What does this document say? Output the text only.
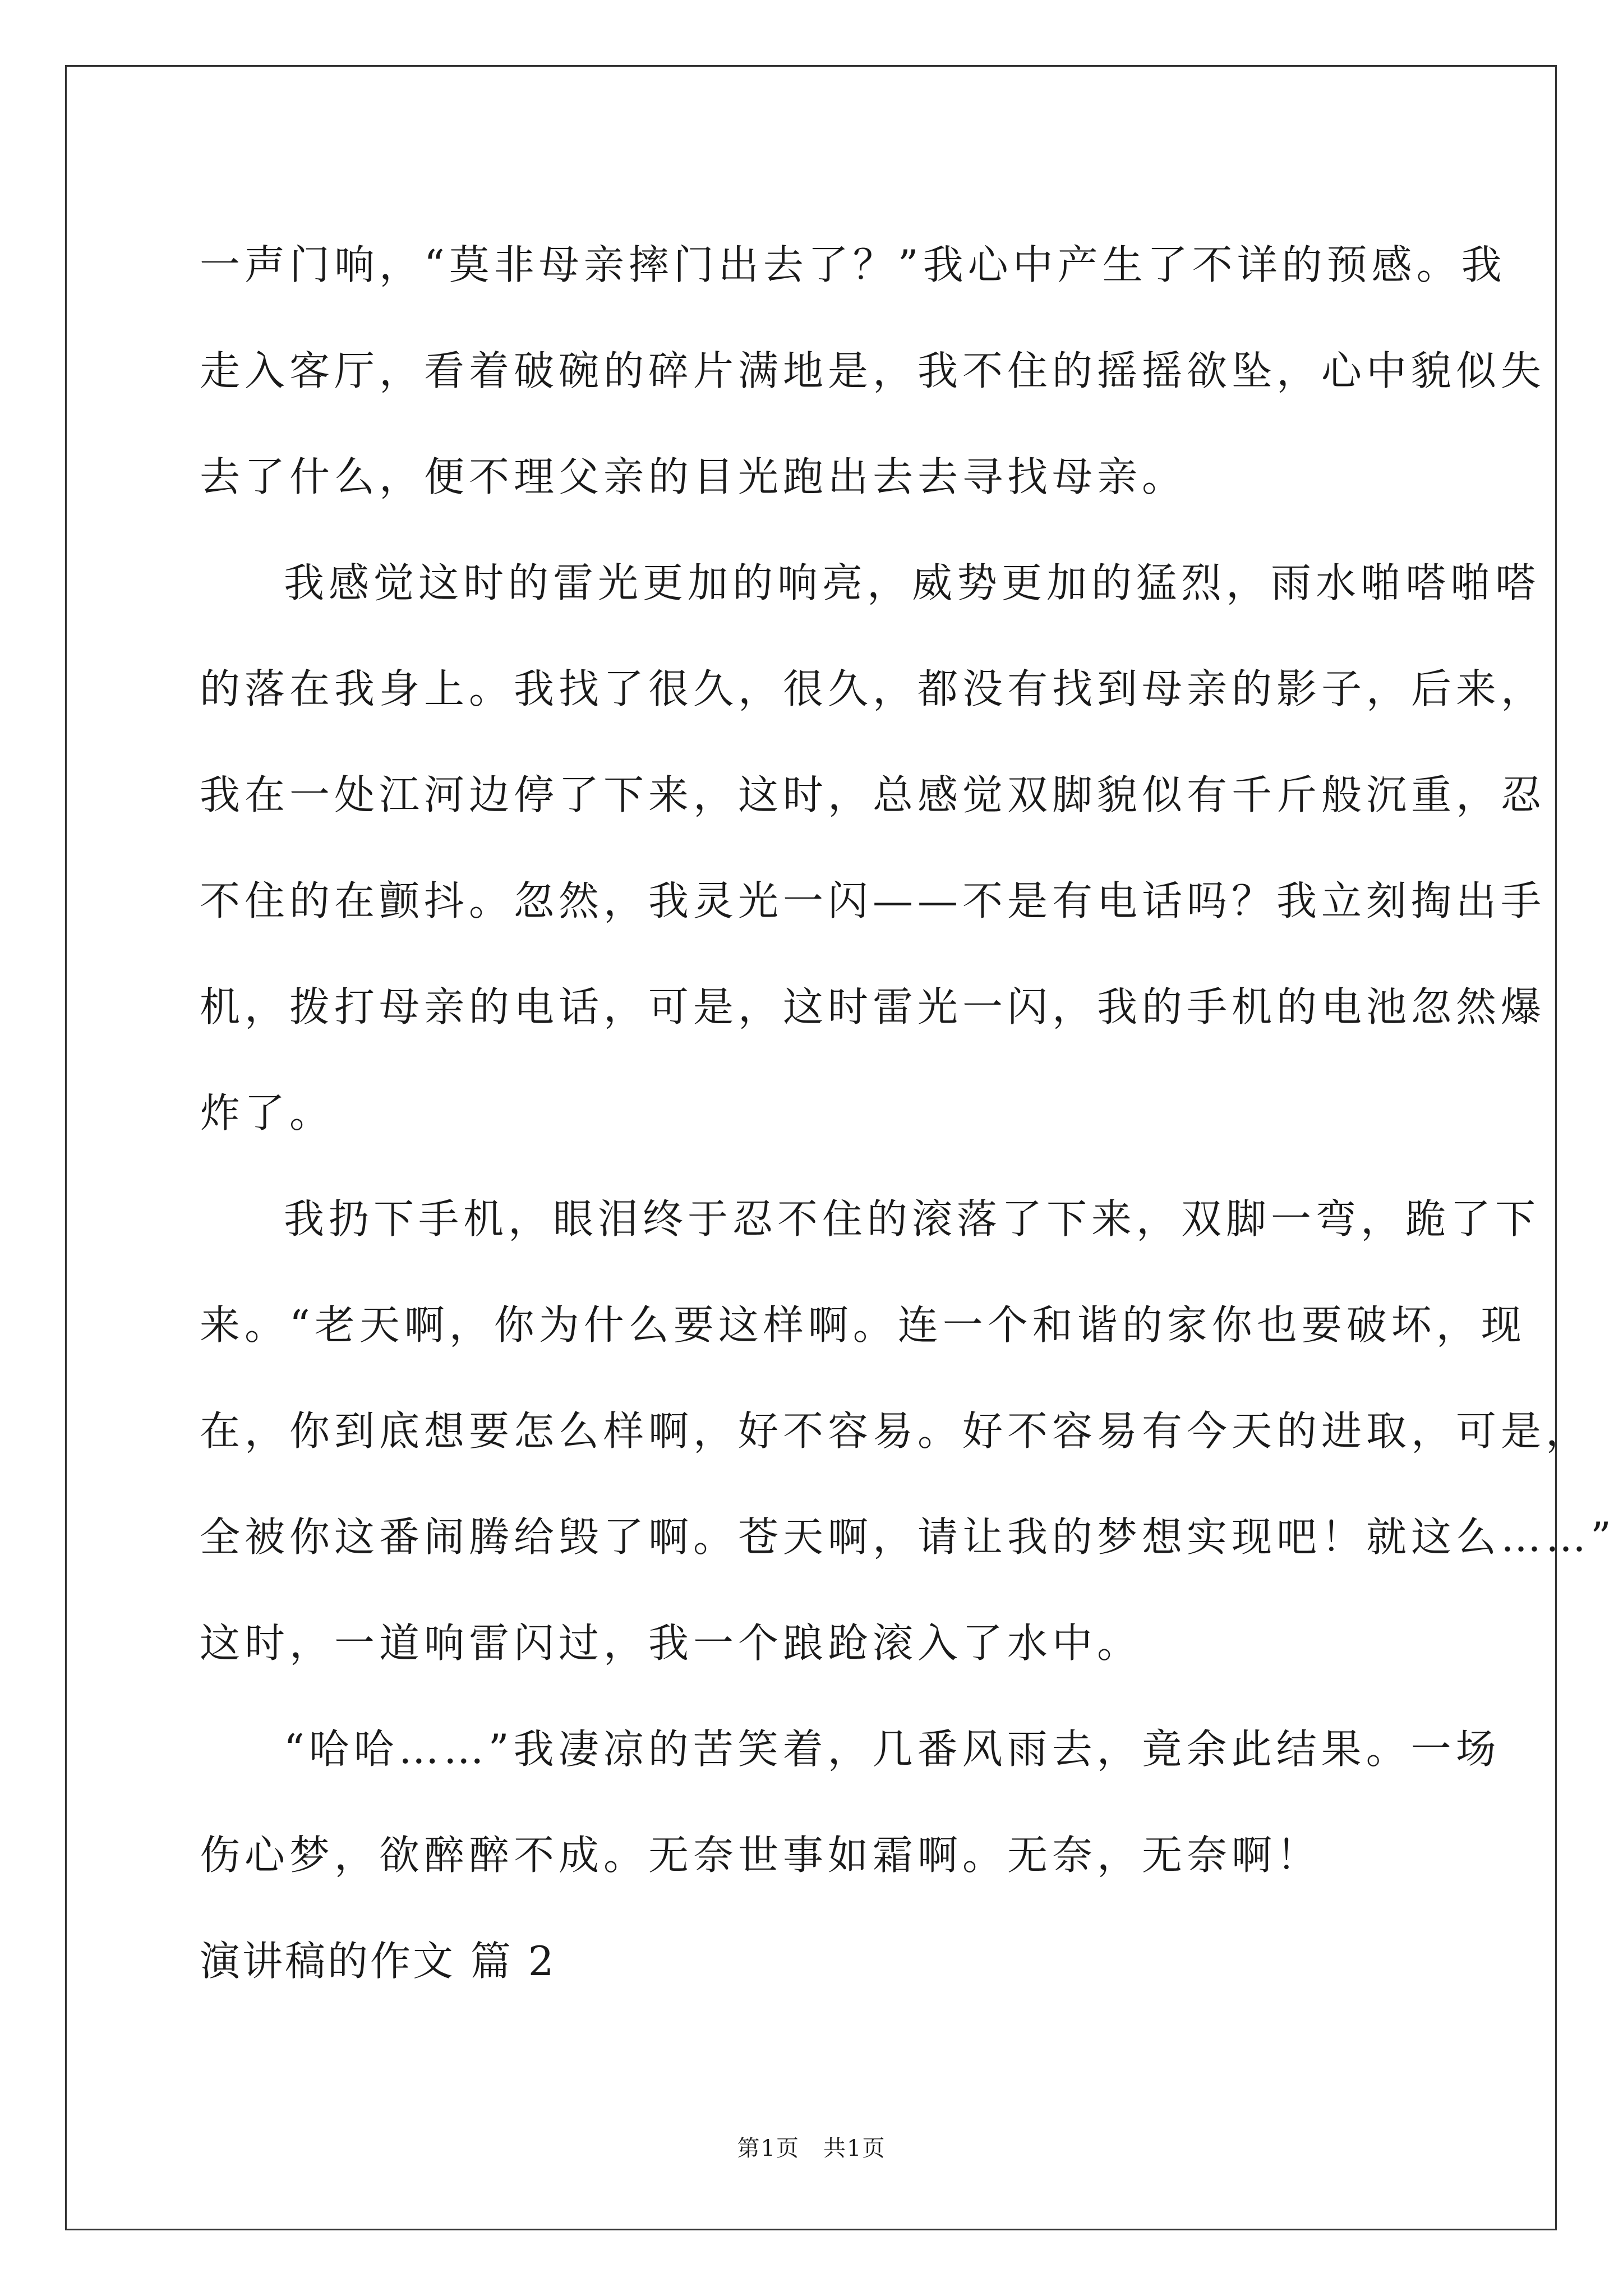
一声门响，“莫非母亲摔门出去了？”我心中产生了不详的预感。我
走入客厅，看着破碗的碎片满地是，我不住的摇摇欲坠，心中貌似失
去了什么，便不理父亲的目光跑出去去寻找母亲。
我感觉这时的雷光更加的响亮，威势更加的猛烈，雨水啪嗒啪嗒
的落在我身上。我找了很久，很久，都没有找到母亲的影子，后来，
我在一处江河边停了下来，这时，总感觉双脚貌似有千斤般沉重，忍
不住的在颤抖。忽然，我灵光一闪——不是有电话吗？我立刻掏出手
机，拨打母亲的电话，可是，这时雷光一闪，我的手机的电池忽然爆
炸了。
我扔下手机，眼泪终于忍不住的滚落了下来，双脚一弯，跪了下
来。“老天啊，你为什么要这样啊。连一个和谐的家你也要破坏，现
在，你到底想要怎么样啊，好不容易。好不容易有今天的进取，可是，
全被你这番闹腾给毁了啊。苍天啊，请让我的梦想实现吧！就这么……”
这时，一道响雷闪过，我一个踉跄滚入了水中。
“哈哈……”我凄凉的苦笑着，几番风雨去，竟余此结果。一场
伤心梦，欲醉醉不成。无奈世事如霜啊。无奈，无奈啊！
演讲稿的作文 篇 2
第1页　共1页
